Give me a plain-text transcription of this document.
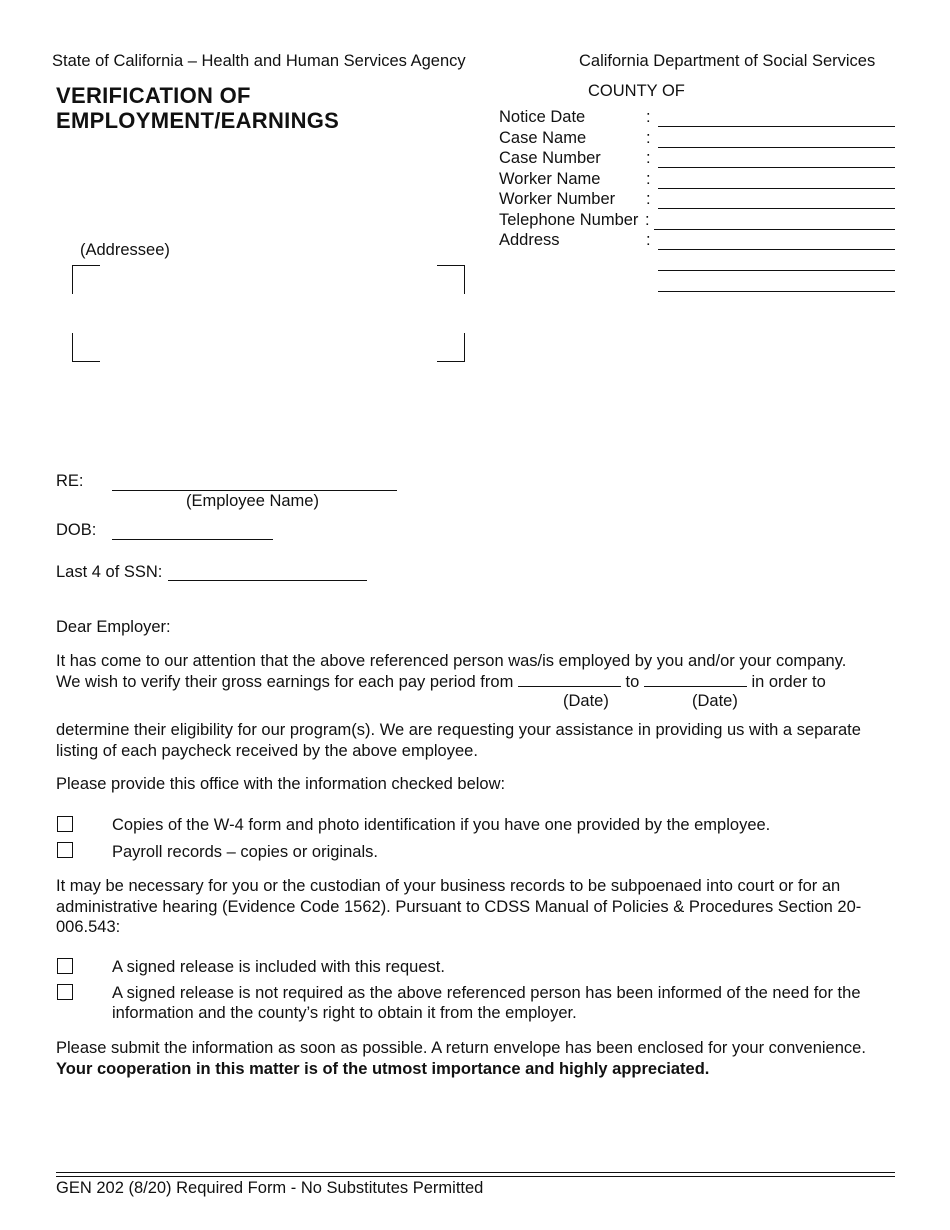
State of California – Health and Human Services Agency	California Department of Social Services
COUNTY OF
VERIFICATION OF
EMPLOYMENT/EARNINGS	Notice Date	:
Case Name	:
Case Number	:
Worker Name	:
Worker Number :
Telephone Number :
Address	:
(Addressee)
RE:
(Employee Name)
DOB:
Last 4 of SSN:
Dear Employer:
It has come to our attention that the above referenced person was/is employed by you and/or your company.
We wish to verify their gross earnings for each pay period from	to	in order to
(Date)	(Date)
determine their eligibility for our program(s). We are requesting your assistance in providing us with a separate listing of each paycheck received by the above employee.
Please provide this office with the information checked below:
Copies of the W-4 form and photo identification if you have one provided by the employee.
Payroll records – copies or originals.
It may be necessary for you or the custodian of your business records to be subpoenaed into court or for an administrative hearing (Evidence Code 1562). Pursuant to CDSS Manual of Policies & Procedures Section 20-006.543:
A signed release is included with this request.
A signed release is not required as the above referenced person has been informed of the need for the information and the county’s right to obtain it from the employer.
Please submit the information as soon as possible. A return envelope has been enclosed for your convenience. Your cooperation in this matter is of the utmost importance and highly appreciated.
GEN 202 (8/20) Required Form - No Substitutes Permitted
